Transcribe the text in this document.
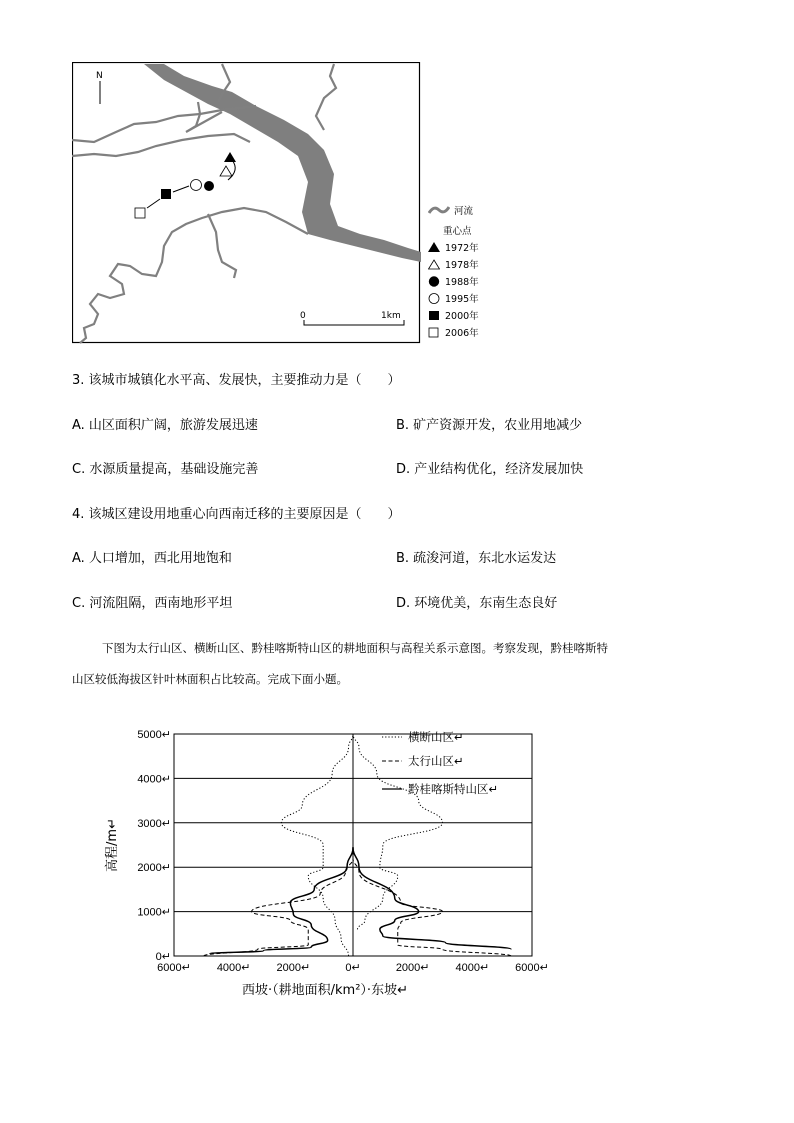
N
0	1km
河流
重心点
1972年
1978年
1988年
1995年
2000年
2006年
3. 该城市城镇化水平高、发展快，主要推动力是（　　）
A. 山区面积广阔，旅游发展迅速	B. 矿产资源开发，农业用地减少
C. 水源质量提高，基础设施完善	D. 产业结构优化，经济发展加快
4. 该城区建设用地重心向西南迁移的主要原因是（　　）
A. 人口增加，西北用地饱和	B. 疏浚河道，东北水运发达
C. 河流阻隔，西南地形平坦	D. 环境优美，东南生态良好
下图为太行山区、横断山区、黔桂喀斯特山区的耕地面积与高程关系示意图。考察发现，黔桂喀斯特
山区较低海拔区针叶林面积占比较高。完成下面小题。
5000↵
4000↵
3000↵
2000↵
1000↵
0↵
6000↵ 4000↵ 2000↵	0↵	2000↵ 4000↵ 6000↵
高程/m↵
西坡·（耕地面积/km²）·东坡↵
横断山区↵
太行山区↵
黔桂喀斯特山区↵
